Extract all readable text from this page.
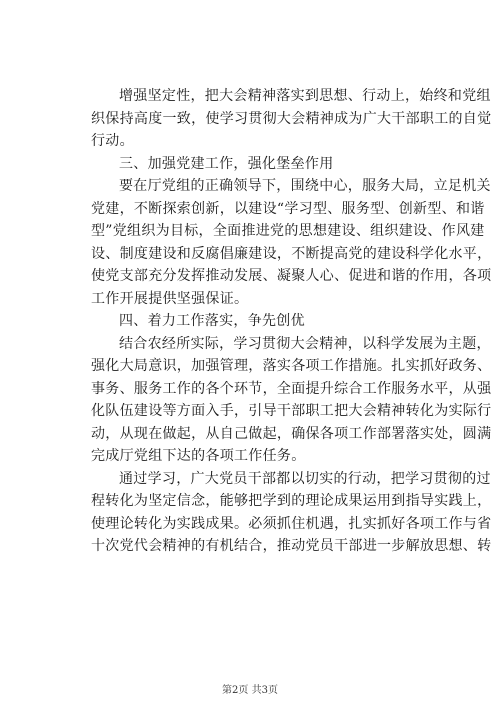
增强坚定性，把大会精神落实到思想、行动上，始终和党组
织保持高度一致，使学习贯彻大会精神成为广大干部职工的自觉
行动。
三、加强党建工作，强化堡垒作用
要在厅党组的正确领导下，围绕中心，服务大局，立足机关
党建，不断探索创新，以建设“学习型、服务型、创新型、和谐
型”党组织为目标，全面推进党的思想建设、组织建设、作风建
设、制度建设和反腐倡廉建设，不断提高党的建设科学化水平，
使党支部充分发挥推动发展、凝聚人心、促进和谐的作用，各项
工作开展提供坚强保证。
四、着力工作落实，争先创优
结合农经所实际，学习贯彻大会精神，以科学发展为主题，
强化大局意识，加强管理，落实各项工作措施。扎实抓好政务、
事务、服务工作的各个环节，全面提升综合工作服务水平，从强
化队伍建设等方面入手，引导干部职工把大会精神转化为实际行
动，从现在做起，从自己做起，确保各项工作部署落实处，圆满
完成厅党组下达的各项工作任务。
通过学习，广大党员干部都以切实的行动，把学习贯彻的过
程转化为坚定信念，能够把学到的理论成果运用到指导实践上，
使理论转化为实践成果。必须抓住机遇，扎实抓好各项工作与省
十次党代会精神的有机结合，推动党员干部进一步解放思想、转

第2页 共3页
